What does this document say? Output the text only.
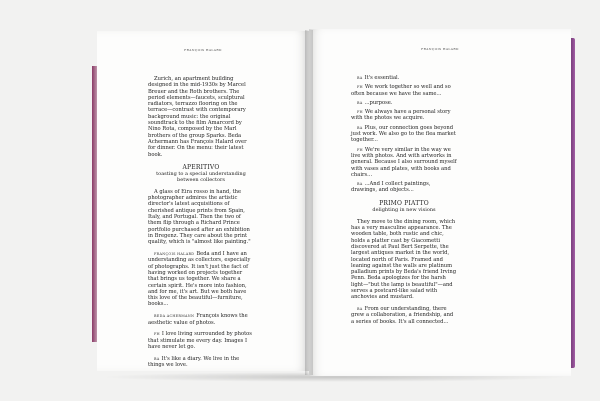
FRANÇOIS HALARD

Zurich, an apartment building designed in the mid-1930s by Marcel Breuer and the Roth brothers. The period elements—faucets, sculptural radiators, terrazzo flooring on the terrace—contrast with contemporary background music: the original soundtrack to the film Amarcord by Nino Rota, composed by the Marl brothers of the group Sparks. Beda Achermann has François Halard over for dinner. On the menu: their latest book.

APERITIVO
toasting to a special understanding
between collectors

A glass of Eira rosso in hand, the photographer admires the artistic director's latest acquisitions of cherished antique prints from Spain, Italy, and Portugal. Then the two of them flip through a Richard Prince portfolio purchased after an exhibition in Bregenz. They care about the print quality, which is "almost like painting."

FRANÇOIS HALARD Beda and I have an understanding as collectors, especially of photographs. It isn't just the fact of having worked on projects together that brings us together. We share a certain spirit. He's more into fashion, and for me, it's art. But we both have this love of the beautiful—furniture, books...

BEDA ACHERMANN François knows the aesthetic value of photos.

FH I love living surrounded by photos that stimulate me every day. Images I have never let go.

BA It's like a diary. We live in the things we love.

FRANÇOIS HALARD

BA It's essential.

FH We work together so well and so often because we have the same...

BA ...purpose.

FH We always have a personal story with the photos we acquire.

BA Plus, our connection goes beyond just work. We also go to the flea market together...

FH We're very similar in the way we live with photos. And with artworks in general. Because I also surround myself with vases and plates, with books and chairs...

BA ...And I collect paintings, drawings, and objects...

PRIMO PIATTO
delighting in new visions

They move to the dining room, which has a very masculine appearance. The wooden table, both rustic and chic, holds a platter cast by Giacometti discovered at Paul Bert Serpette, the largest antiques market in the world, located north of Paris. Framed and leaning against the walls are platinum palladium prints by Beda's friend Irving Penn. Beda apologizes for the harsh light—"but the lamp is beautiful"—and serves a postcard-like salad with anchovies and mustard.

BA From our understanding, there grew a collaboration, a friendship, and a series of books. It's all connected...
